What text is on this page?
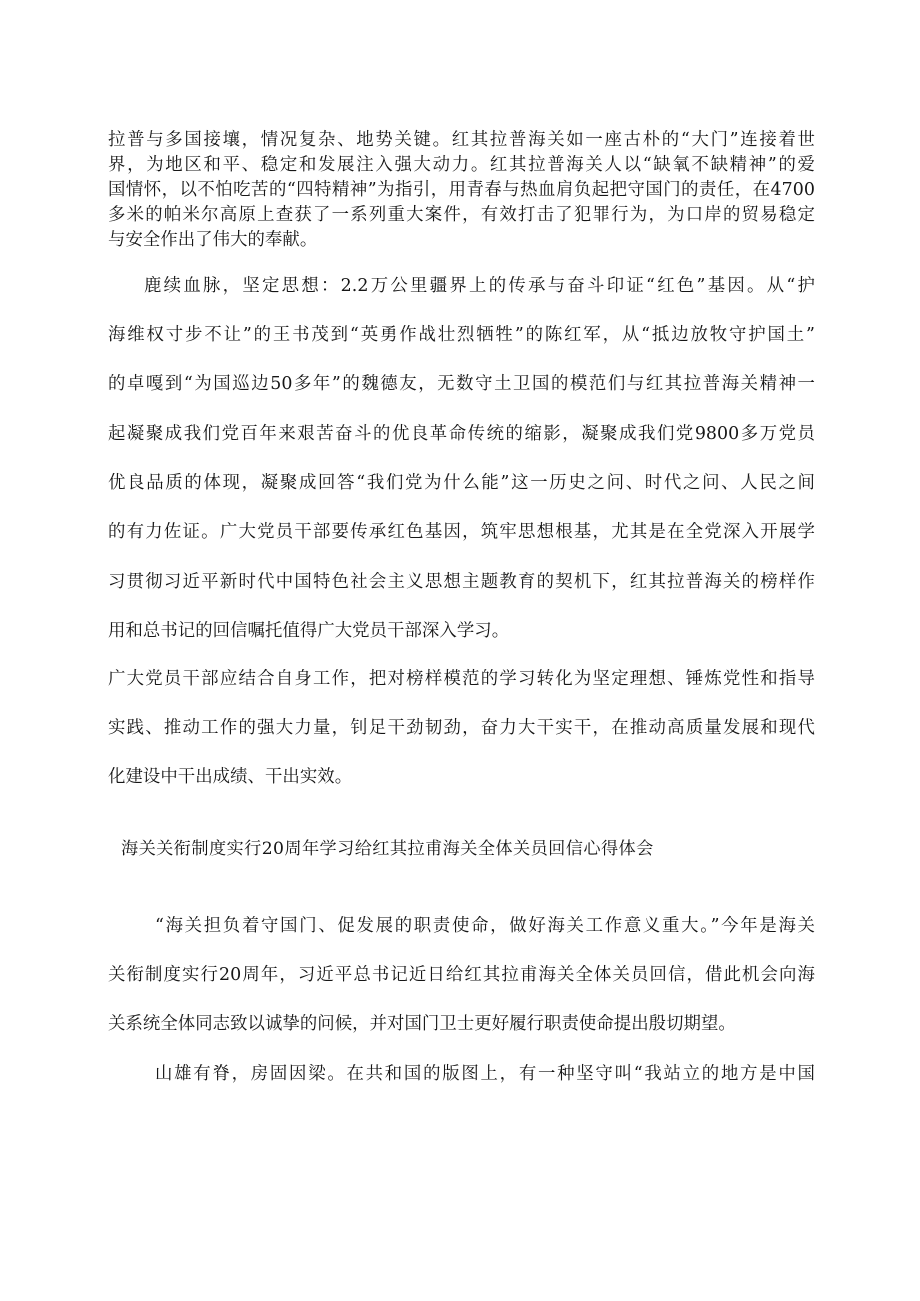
拉普与多国接壤，情况复杂、地势关键。红其拉普海关如一座古朴的“大门”连接着世
界，为地区和平、稳定和发展注入强大动力。红其拉普海关人以“缺氧不缺精神”的爱
国情怀，以不怕吃苦的“四特精神”为指引，用青春与热血肩负起把守国门的责任，在4700
多米的帕米尔高原上查获了一系列重大案件，有效打击了犯罪行为，为口岸的贸易稳定
与安全作出了伟大的奉献。
鹿续血脉，坚定思想：2.2万公里疆界上的传承与奋斗印证“红色”基因。从“护
海维权寸步不让”的王书茂到“英勇作战壮烈牺牲”的陈红军，从“抵边放牧守护国土”
的卓嘎到“为国巡边50多年”的魏德友，无数守土卫国的模范们与红其拉普海关精神一
起凝聚成我们党百年来艰苦奋斗的优良革命传统的缩影，凝聚成我们党9800多万党员
优良品质的体现，凝聚成回答“我们党为什么能”这一历史之问、时代之问、人民之间
的有力佐证。广大党员干部要传承红色基因，筑牢思想根基，尤其是在全党深入开展学
习贯彻习近平新时代中国特色社会主义思想主题教育的契机下，红其拉普海关的榜样作
用和总书记的回信嘱托值得广大党员干部深入学习。
广大党员干部应结合自身工作，把对榜样模范的学习转化为坚定理想、锤炼党性和指导
实践、推动工作的强大力量，钊足干劲韧劲，奋力大干实干，在推动高质量发展和现代
化建设中干出成绩、干出实效。
海关关衔制度实行20周年学习给红其拉甫海关全体关员回信心得体会
“海关担负着守国门、促发展的职责使命，做好海关工作意义重大。”今年是海关
关衔制度实行20周年，习近平总书记近日给红其拉甫海关全体关员回信，借此机会向海
关系统全体同志致以诚挚的问候，并对国门卫士更好履行职责使命提出殷切期望。
山雄有脊，房固因梁。在共和国的版图上，有一种坚守叫“我站立的地方是中国
